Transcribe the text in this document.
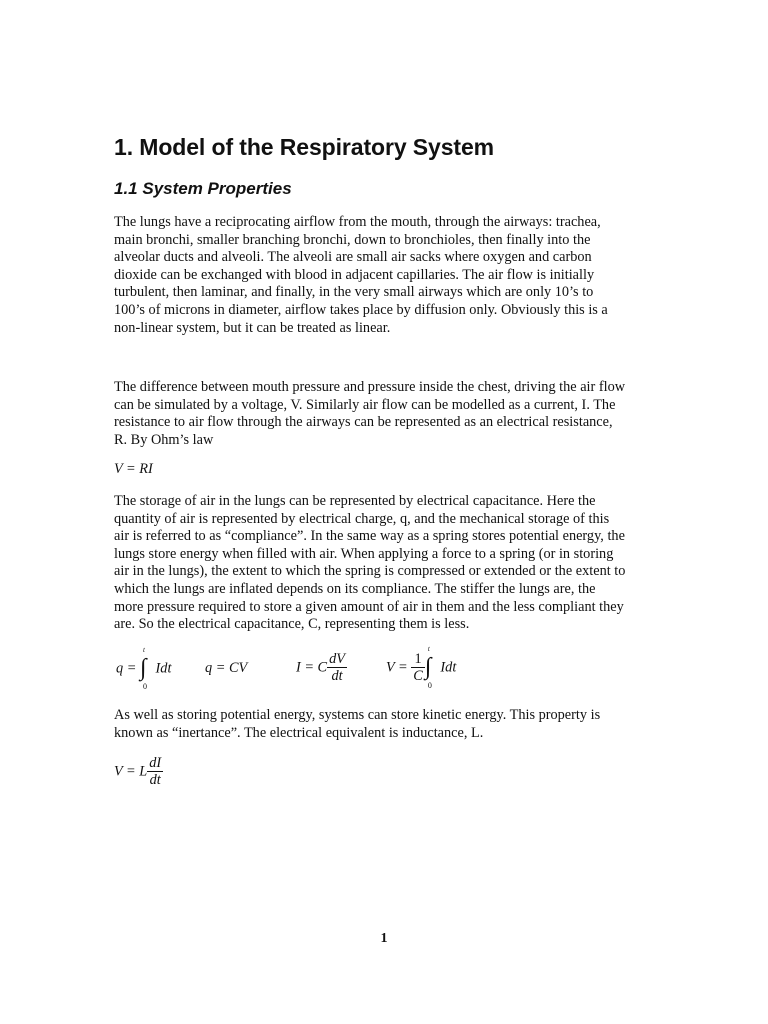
1. Model of the Respiratory System
1.1 System Properties
The lungs have a reciprocating airflow from the mouth, through the airways: trachea,
main bronchi, smaller branching bronchi, down to bronchioles, then finally into the
alveolar ducts and alveoli. The alveoli are small air sacks where oxygen and carbon
dioxide can be exchanged with blood in adjacent capillaries. The air flow is initially
turbulent, then laminar, and finally, in the very small airways which are only 10’s to
100’s of microns in diameter, airflow takes place by diffusion only. Obviously this is a
non-linear system, but it can be treated as linear.
The difference between mouth pressure and pressure inside the chest, driving the air flow
can be simulated by a voltage, V. Similarly air flow can be modelled as a current, I. The
resistance to air flow through the airways can be represented as an electrical resistance,
R. By Ohm’s law
V = RI
The storage of air in the lungs can be represented by electrical capacitance. Here the
quantity of air is represented by electrical charge, q, and the mechanical storage of this
air is referred to as “compliance”. In the same way as a spring stores potential energy, the
lungs store energy when filled with air. When applying a force to a spring (or in storing
air in the lungs), the extent to which the spring is compressed or extended or the extent to
which the lungs are inflated depends on its compliance. The stiffer the lungs are, the
more pressure required to store a given amount of air in them and the less compliant they
are. So the electrical capacitance, C, representing them is less.
q = ∫
t
0
Idt q = CV	I = C $\frac{dV}{dt}$	$V = \frac{1}{C}$ ∫
t
0
Idt
As well as storing potential energy, systems can store kinetic energy. This property is
known as “inertance”. The electrical equivalent is inductance, L.
V = L $\frac{dI}{dt}$
1
